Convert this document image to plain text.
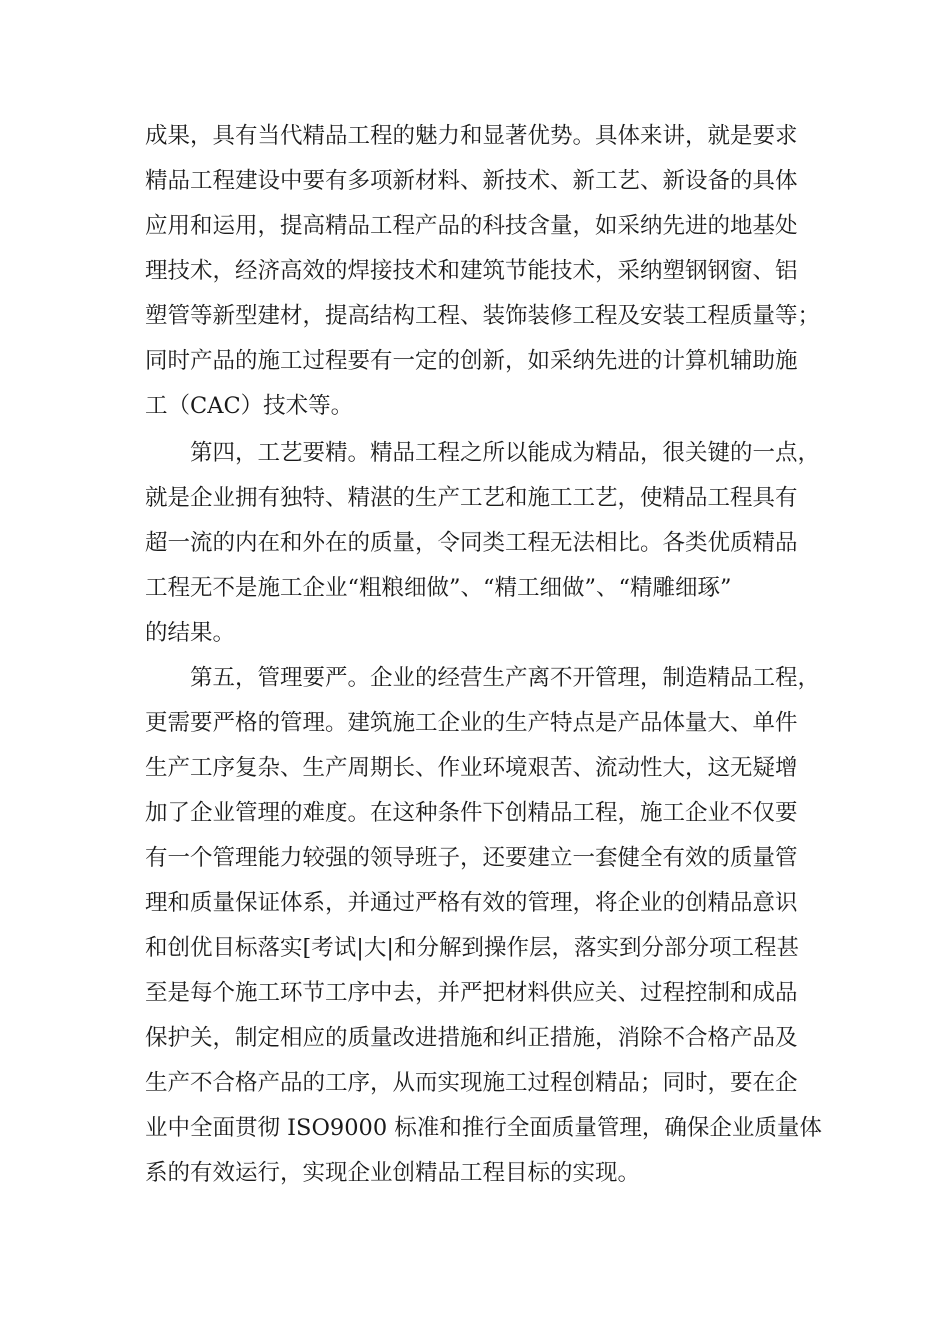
成果，具有当代精品工程的魅力和显著优势。具体来讲，就是要求
精品工程建设中要有多项新材料、新技术、新工艺、新设备的具体
应用和运用，提高精品工程产品的科技含量，如采纳先进的地基处
理技术，经济高效的焊接技术和建筑节能技术，采纳塑钢钢窗、铝
塑管等新型建材，提高结构工程、装饰装修工程及安装工程质量等；
同时产品的施工过程要有一定的创新，如采纳先进的计算机辅助施
工（CAC）技术等。
第四，工艺要精。精品工程之所以能成为精品，很关键的一点，
就是企业拥有独特、精湛的生产工艺和施工工艺，使精品工程具有
超一流的内在和外在的质量，令同类工程无法相比。各类优质精品
工程无不是施工企业“粗粮细做”、“精工细做”、“精雕细琢”
的结果。
第五，管理要严。企业的经营生产离不开管理，制造精品工程，
更需要严格的管理。建筑施工企业的生产特点是产品体量大、单件
生产工序复杂、生产周期长、作业环境艰苦、流动性大，这无疑增
加了企业管理的难度。在这种条件下创精品工程，施工企业不仅要
有一个管理能力较强的领导班子，还要建立一套健全有效的质量管
理和质量保证体系，并通过严格有效的管理，将企业的创精品意识
和创优目标落实[考试|大|和分解到操作层，落实到分部分项工程甚
至是每个施工环节工序中去，并严把材料供应关、过程控制和成品
保护关，制定相应的质量改进措施和纠正措施，消除不合格产品及
生产不合格产品的工序，从而实现施工过程创精品；同时，要在企
业中全面贯彻 ISO9000 标准和推行全面质量管理，确保企业质量体
系的有效运行，实现企业创精品工程目标的实现。
